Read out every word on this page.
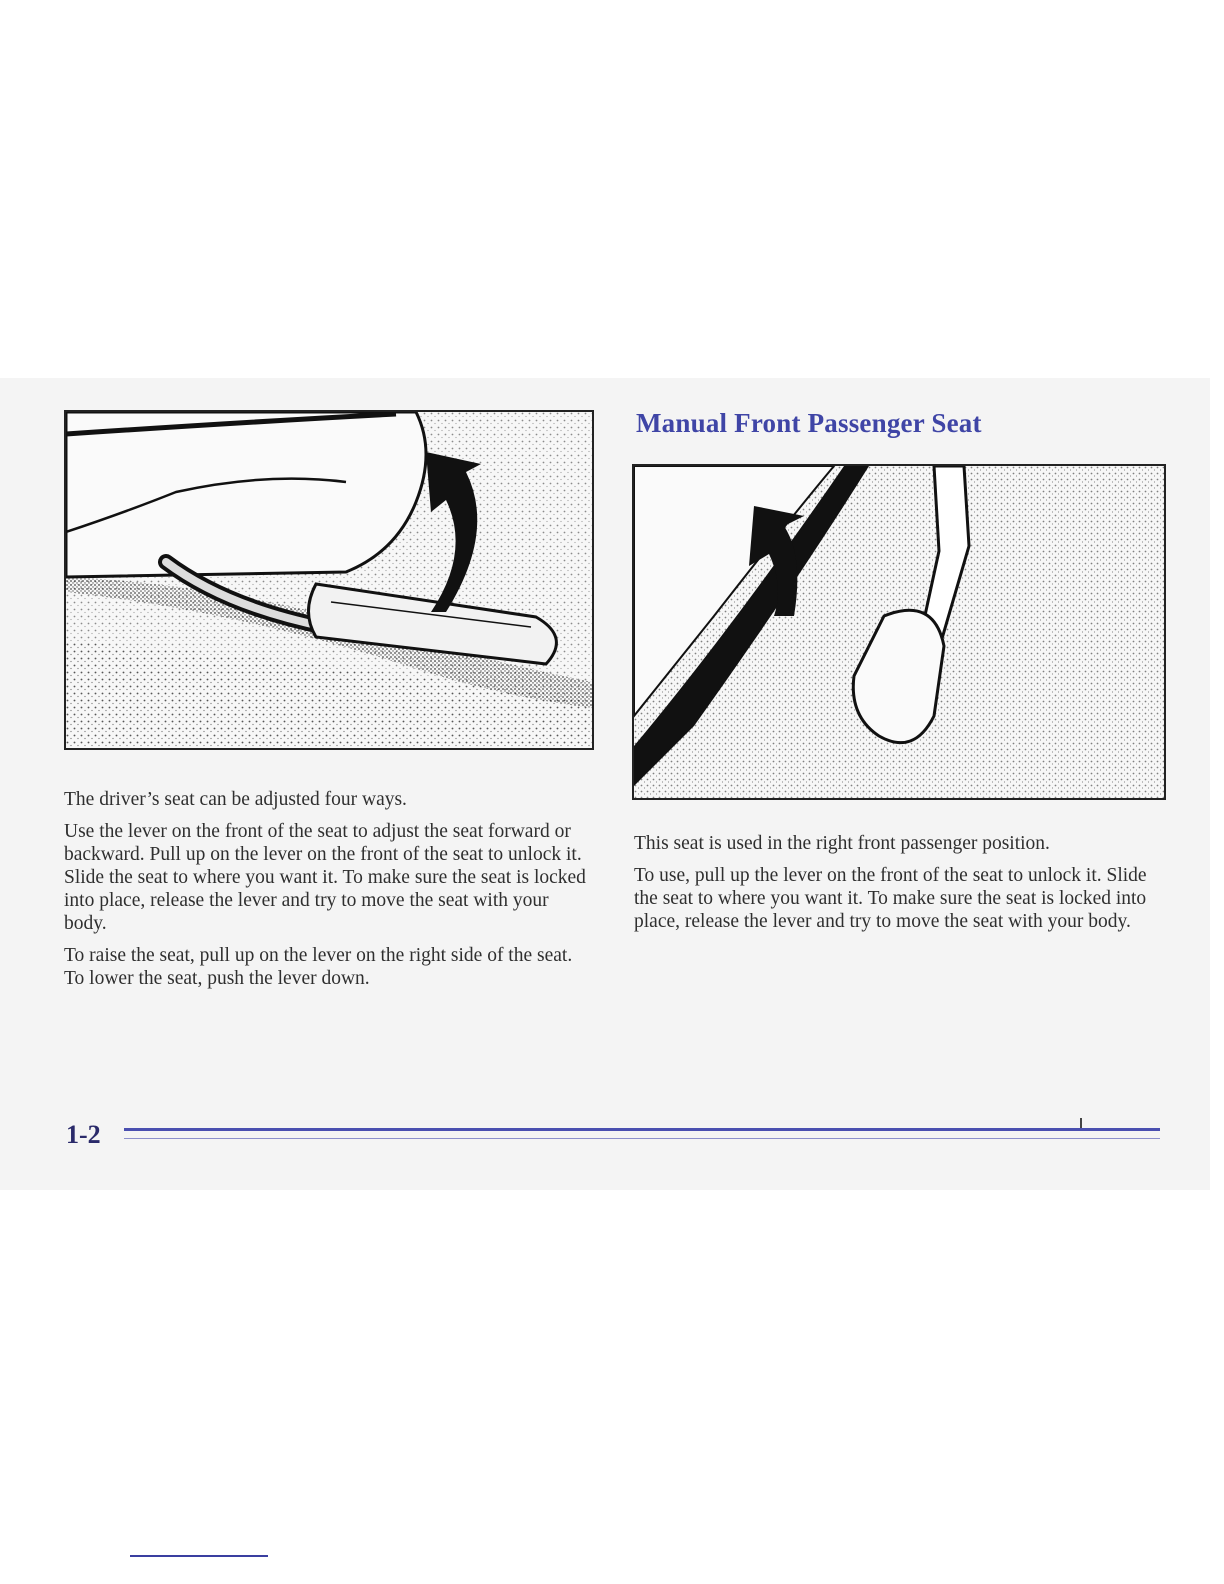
Manual Front Passenger Seat

The driver’s seat can be adjusted four ways.

Use the lever on the front of the seat to adjust the seat forward or backward. Pull up on the lever on the front of the seat to unlock it. Slide the seat to where you want it. To make sure the seat is locked into place, release the lever and try to move the seat with your body.

To raise the seat, pull up on the lever on the right side of the seat. To lower the seat, push the lever down.

This seat is used in the right front passenger position.

To use, pull up the lever on the front of the seat to unlock it. Slide the seat to where you want it. To make sure the seat is locked into place, release the lever and try to move the seat with your body.

1-2
